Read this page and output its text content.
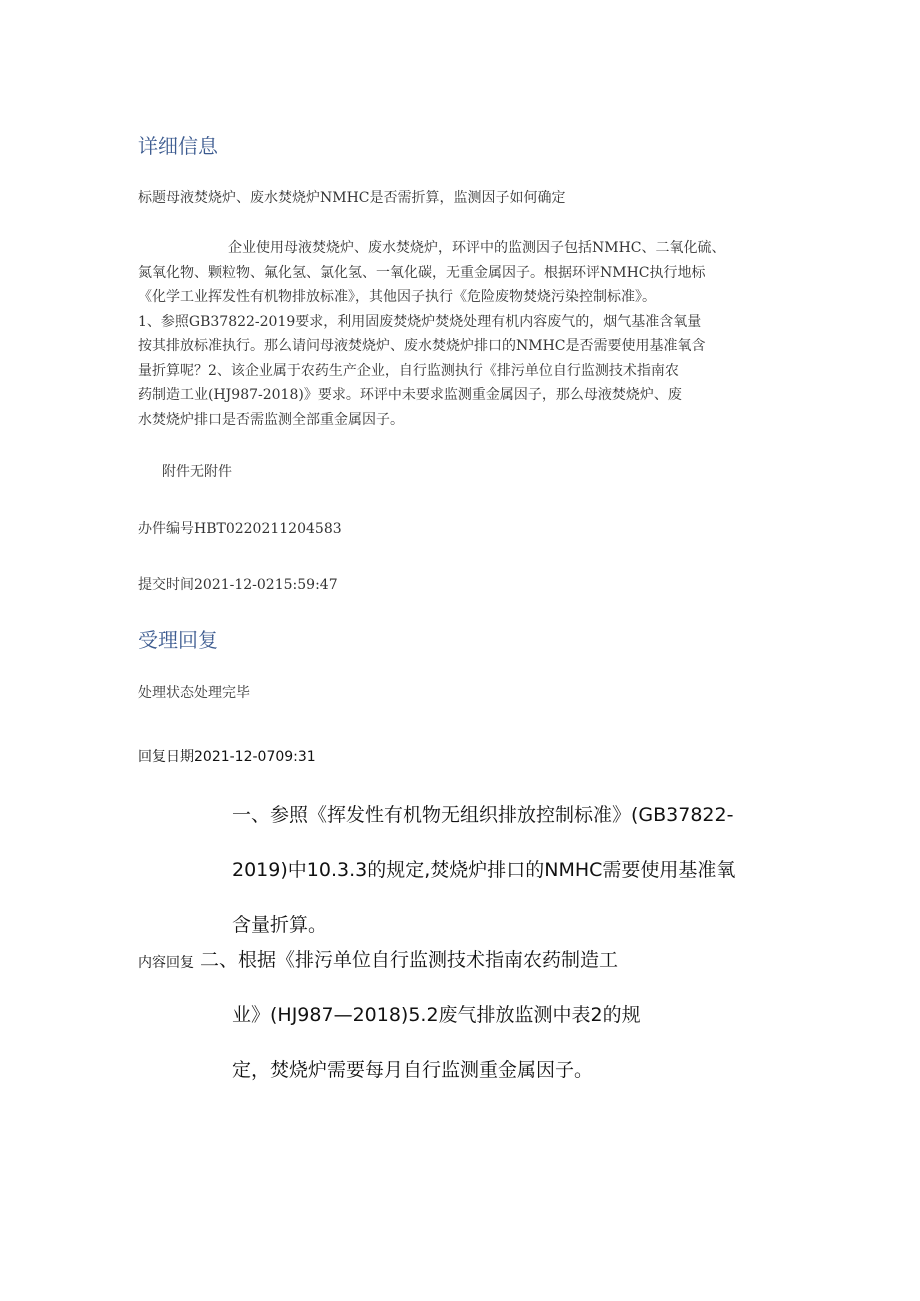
详细信息
标题母液焚烧炉、废水焚烧炉NMHC是否需折算，监测因子如何确定
企业使用母液焚烧炉、废水焚烧炉，环评中的监测因子包括NMHC、二氧化硫、
氮氧化物、颗粒物、氟化氢、氯化氢、一氧化碳，无重金属因子。根据环评NMHC执行地标
《化学工业挥发性有机物排放标准》，其他因子执行《危险废物焚烧污染控制标准》。
1、参照GB37822-2019要求，利用固废焚烧炉焚烧处理有机内容废气的，烟气基准含氧量
按其排放标准执行。那么请问母液焚烧炉、废水焚烧炉排口的NMHC是否需要使用基准氧含
量折算呢？2、该企业属于农药生产企业，自行监测执行《排污单位自行监测技术指南农
药制造工业(HJ987-2018)》要求。环评中未要求监测重金属因子，那么母液焚烧炉、废
水焚烧炉排口是否需监测全部重金属因子。
附件无附件
办件编号HBT0220211204583
提交时间2021-12-0215:59:47
受理回复
处理状态处理完毕
回复日期2021-12-0709:31
一、参照《挥发性有机物无组织排放控制标准》(GB37822-
2019)中10.3.3的规定,焚烧炉排口的NMHC需要使用基准氧
含量折算。
内容回复 二、根据《排污单位自行监测技术指南农药制造工
业》(HJ987—2018)5.2废气排放监测中表2的规
定，焚烧炉需要每月自行监测重金属因子。
